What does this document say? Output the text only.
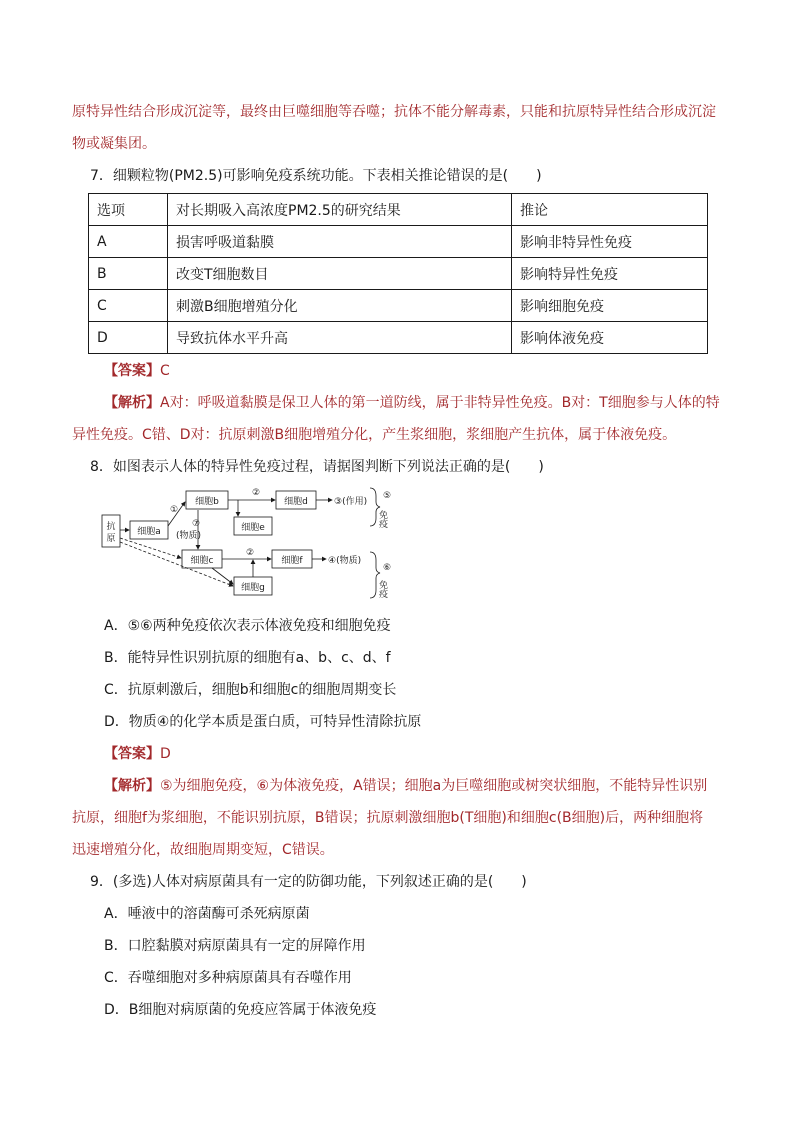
原特异性结合形成沉淀等，最终由巨噬细胞等吞噬；抗体不能分解毒素，只能和抗原特异性结合形成沉淀
物或凝集团。
7．细颗粒物(PM2.5)可影响免疫系统功能。下表相关推论错误的是(　　)
选项	对长期吸入高浓度PM2.5的研究结果	推论
A	损害呼吸道黏膜	影响非特异性免疫
B	改变T细胞数目	影响特异性免疫
C	刺激B细胞增殖分化	影响细胞免疫
D	导致抗体水平升高	影响体液免疫
【答案】C
【解析】A对：呼吸道黏膜是保卫人体的第一道防线，属于非特异性免疫。B对：T细胞参与人体的特
异性免疫。C错、D对：抗原刺激B细胞增殖分化，产生浆细胞，浆细胞产生抗体，属于体液免疫。
8．如图表示人体的特异性免疫过程，请据图判断下列说法正确的是(　　)
抗
原
细胞a
细胞b	细胞d
细胞e
细胞c	细胞f
细胞g
①
②
③(作用)
⑦
(物质)
②
④(物质)
⑤
免疫
⑥
免疫
A．⑤⑥两种免疫依次表示体液免疫和细胞免疫
B．能特异性识别抗原的细胞有a、b、c、d、f
C．抗原刺激后，细胞b和细胞c的细胞周期变长
D．物质④的化学本质是蛋白质，可特异性清除抗原
【答案】D
【解析】⑤为细胞免疫，⑥为体液免疫，A错误；细胞a为巨噬细胞或树突状细胞，不能特异性识别
抗原，细胞f为浆细胞，不能识别抗原，B错误；抗原刺激细胞b(T细胞)和细胞c(B细胞)后，两种细胞将
迅速增殖分化，故细胞周期变短，C错误。
9．(多选)人体对病原菌具有一定的防御功能，下列叙述正确的是(　　)
A．唾液中的溶菌酶可杀死病原菌
B．口腔黏膜对病原菌具有一定的屏障作用
C．吞噬细胞对多种病原菌具有吞噬作用
D．B细胞对病原菌的免疫应答属于体液免疫
